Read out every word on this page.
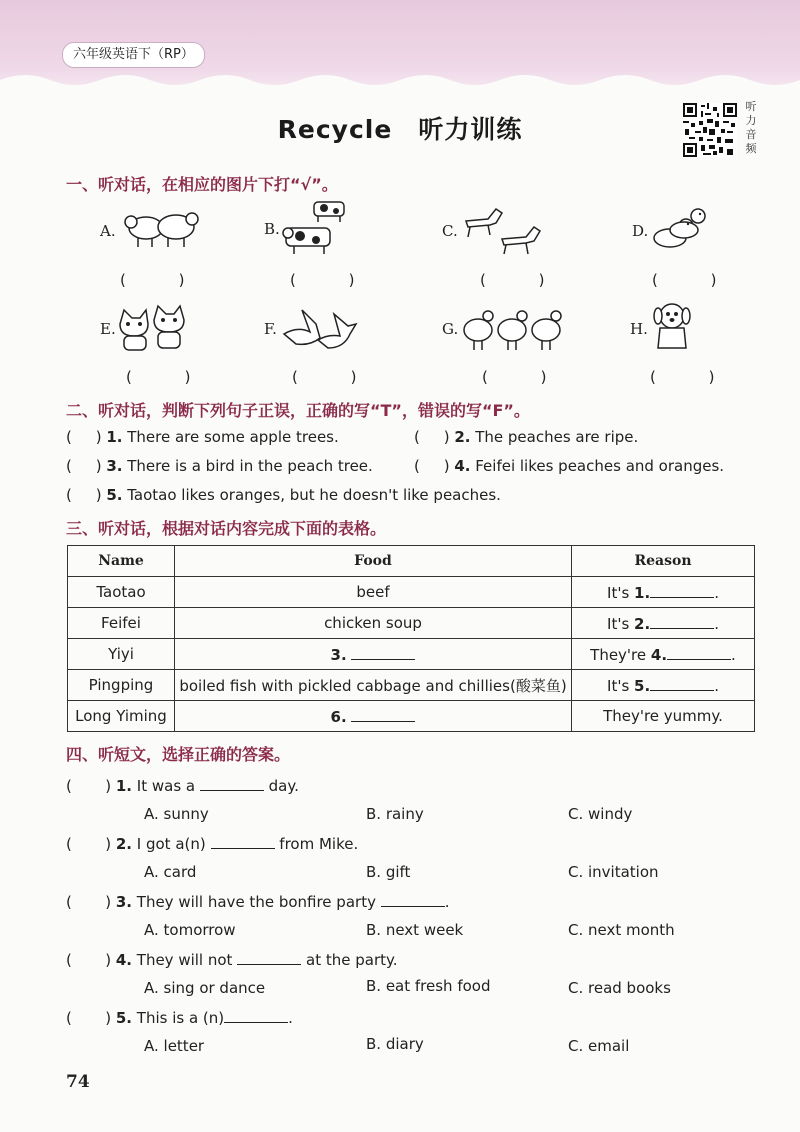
六年级英语下（RP）
Recycle　听力训练
听力音频
一、听对话，在相应的图片下打“√”。
A.
( )
B.
( )
C.
( )
D.
( )
E.
( )
F.
( )
G.
( )
H.
( )
二、听对话，判断下列句子正误，正确的写“T”，错误的写“F”。
(     ) 1. There are some apple trees.	(     ) 2. The peaches are ripe.
(     ) 3. There is a bird in the peach tree.	(     ) 4. Feifei likes peaches and oranges.
(     ) 5. Taotao likes oranges, but he doesn't like peaches.
三、听对话，根据对话内容完成下面的表格。
Name	Food	Reason
Taotao	beef	It's 1. .
Feifei	chicken soup	It's 2. .
Yiyi	3.	They're 4. .
Pingping	boiled fish with pickled cabbage and chillies(酸菜鱼)	It's 5. .
Long Yiming	6.	They're yummy.
四、听短文，选择正确的答案。
(       ) 1. It was a	day.
A. sunny	B. rainy	C. windy
(       ) 2. I got a(n)	from Mike.
A. card	B. gift	C. invitation
(       ) 3. They will have the bonfire party	.
A. tomorrow	B. next week	C. next month
(       ) 4. They will not	at the party.
A. sing or dance	B. eat fresh food	C. read books
(       ) 5. This is a (n)	.
A. letter	B. diary	C. email
74
